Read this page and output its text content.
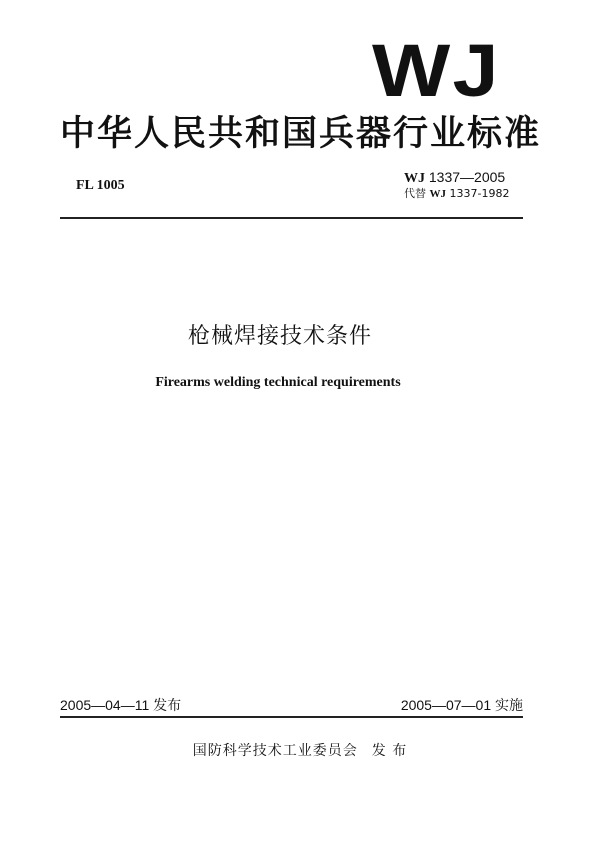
WJ
中华人民共和国兵器行业标准
FL 1005	WJ 1337—2005
代替 WJ 1337-1982
枪械焊接技术条件
Firearms welding technical requirements
2005—04—11 发布	2005—07—01 实施
国防科学技术工业委员会 发 布
